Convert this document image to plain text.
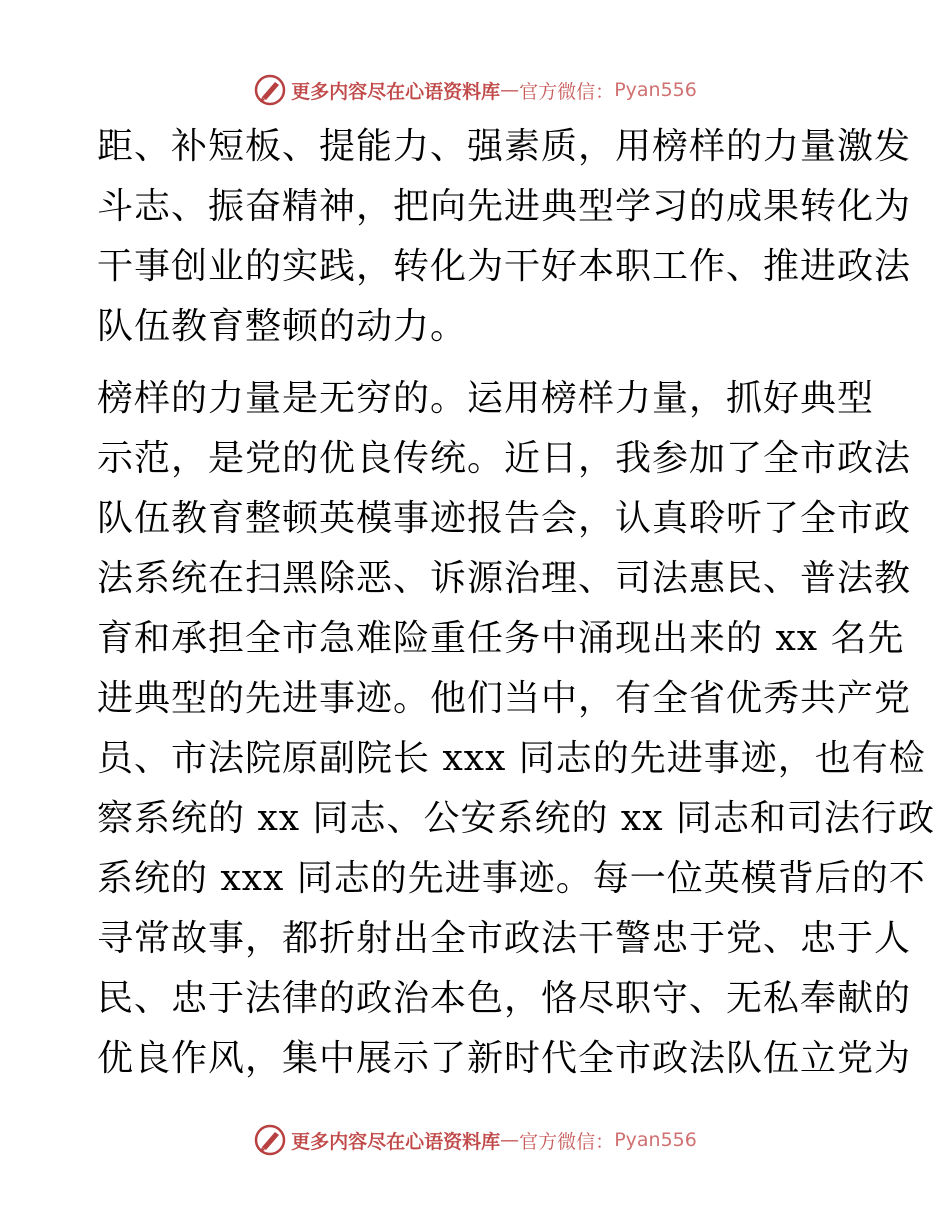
更多内容尽在心语资料库 — 官方微信： Pyan556
距、补短板、提能力、强素质，用榜样的力量激发
斗志、振奋精神，把向先进典型学习的成果转化为
干事创业的实践，转化为干好本职工作、推进政法
队伍教育整顿的动力。
榜样的力量是无穷的。运用榜样力量，抓好典型
示范，是党的优良传统。近日，我参加了全市政法
队伍教育整顿英模事迹报告会，认真聆听了全市政
法系统在扫黑除恶、诉源治理、司法惠民、普法教
育和承担全市急难险重任务中涌现出来的 xx 名先
进典型的先进事迹。他们当中，有全省优秀共产党
员、市法院原副院长 xxx 同志的先进事迹，也有检
察系统的 xx 同志、公安系统的 xx 同志和司法行政
系统的 xxx 同志的先进事迹。每一位英模背后的不
寻常故事，都折射出全市政法干警忠于党、忠于人
民、忠于法律的政治本色，恪尽职守、无私奉献的
优良作风，集中展示了新时代全市政法队伍立党为
更多内容尽在心语资料库 — 官方微信： Pyan556
